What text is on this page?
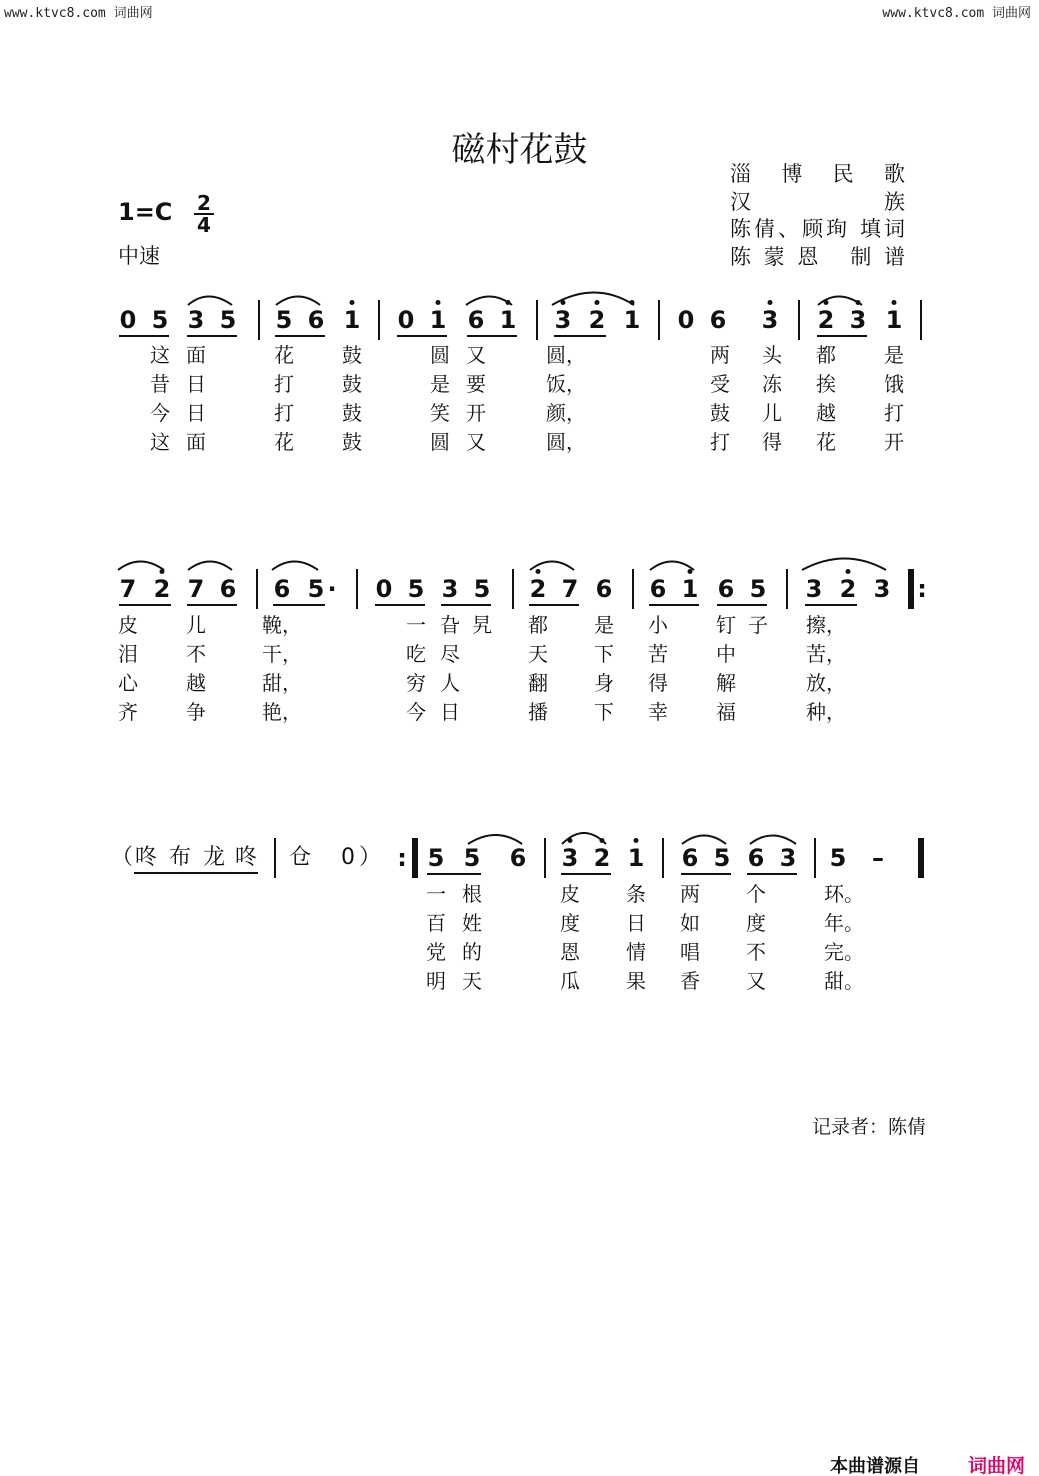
www.ktvc8.com 词曲网	www.ktvc8.com 词曲网
磁村花鼓
淄博民歌
汉族
陈倩、顾珣 填词
陈蒙恩 制谱
1=C 2
4
中速
0 5 3 5 5 6 1 0 1 6 1 3 2 1 0 6 3 2 3 1
这 面	花 鼓	圆 又	圆，	两 头 都 是
昔 日	打 鼓	是 要	饭，	受 冻 挨 饿
今 日	打 鼓	笑 开	颜，	鼓 儿 越 打
这 面	花 鼓	圆 又	圆，	打 得 花 开
7 2 7 6 6 5 · 0 5 3 5 2 7 6 6 1 6 5 3 2 3 :
皮 儿	鞔，	一 旮 旯 都 是 小 钉 子 擦，
泪 不	干，	吃 尽	天 下 苦 中	苦，
心 越	甜，	穷 人	翻 身 得 解	放，
齐 争	艳，	今 日	播 下 幸 福	种，
（ 咚 布 龙 咚 仓 0 ） : 5 5 6 3 2 1 6 5 6 3 5 –
一 根	皮 条 两 个	环。
百 姓	度 日 如 度	年。
党 的	恩 情 唱 不	完。
明 天	瓜 果 香 又	甜。
记录者：陈倩
本曲谱源自	词曲网
